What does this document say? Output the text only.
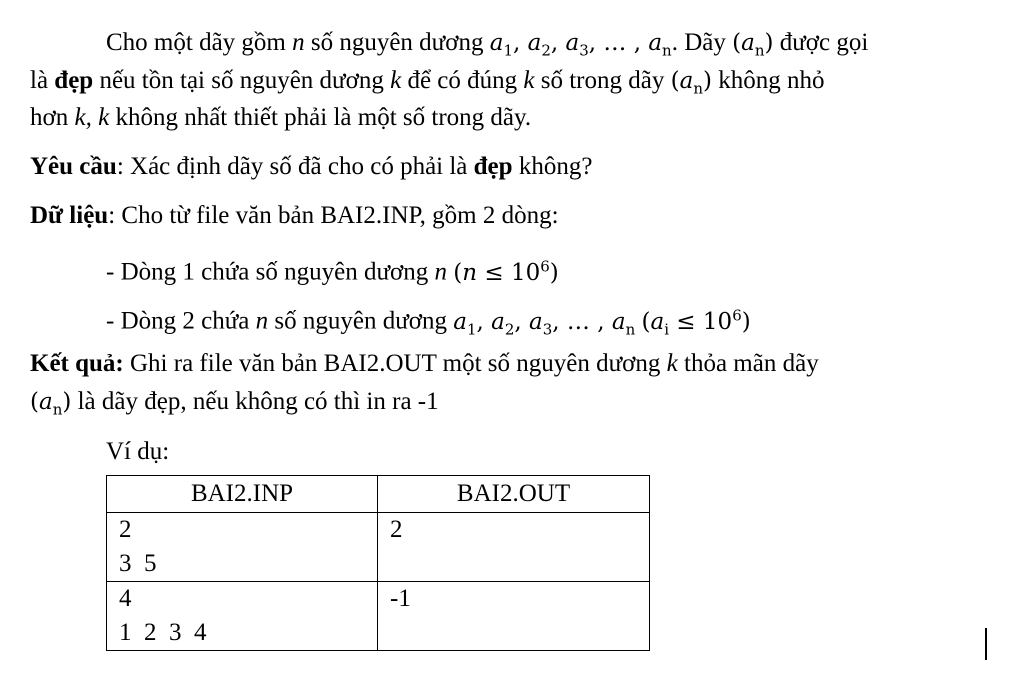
Cho một dãy gồm n số nguyên dương $a_1$, $a_2$, $a_3$, … , $a_n$. Dãy $(a_n)$ được gọi
là đẹp nếu tồn tại số nguyên dương k để có đúng k số trong dãy $(a_n)$ không nhỏ
hơn k, k không nhất thiết phải là một số trong dãy.
Yêu cầu: Xác định dãy số đã cho có phải là đẹp không?
Dữ liệu: Cho từ file văn bản BAI2.INP, gồm 2 dòng:
- Dòng 1 chứa số nguyên dương n $(n \le 10^6)$
- Dòng 2 chứa n số nguyên dương $a_1$, $a_2$, $a_3$, … , $a_n$ $(a_i \le 10^6)$
Kết quả: Ghi ra file văn bản BAI2.OUT một số nguyên dương k thỏa mãn dãy
$(a_n)$ là dãy đẹp, nếu không có thì in ra -1
Ví dụ:
BAI2.INP	BAI2.OUT

2
3  5	2

4
1  2  3  4	-1
